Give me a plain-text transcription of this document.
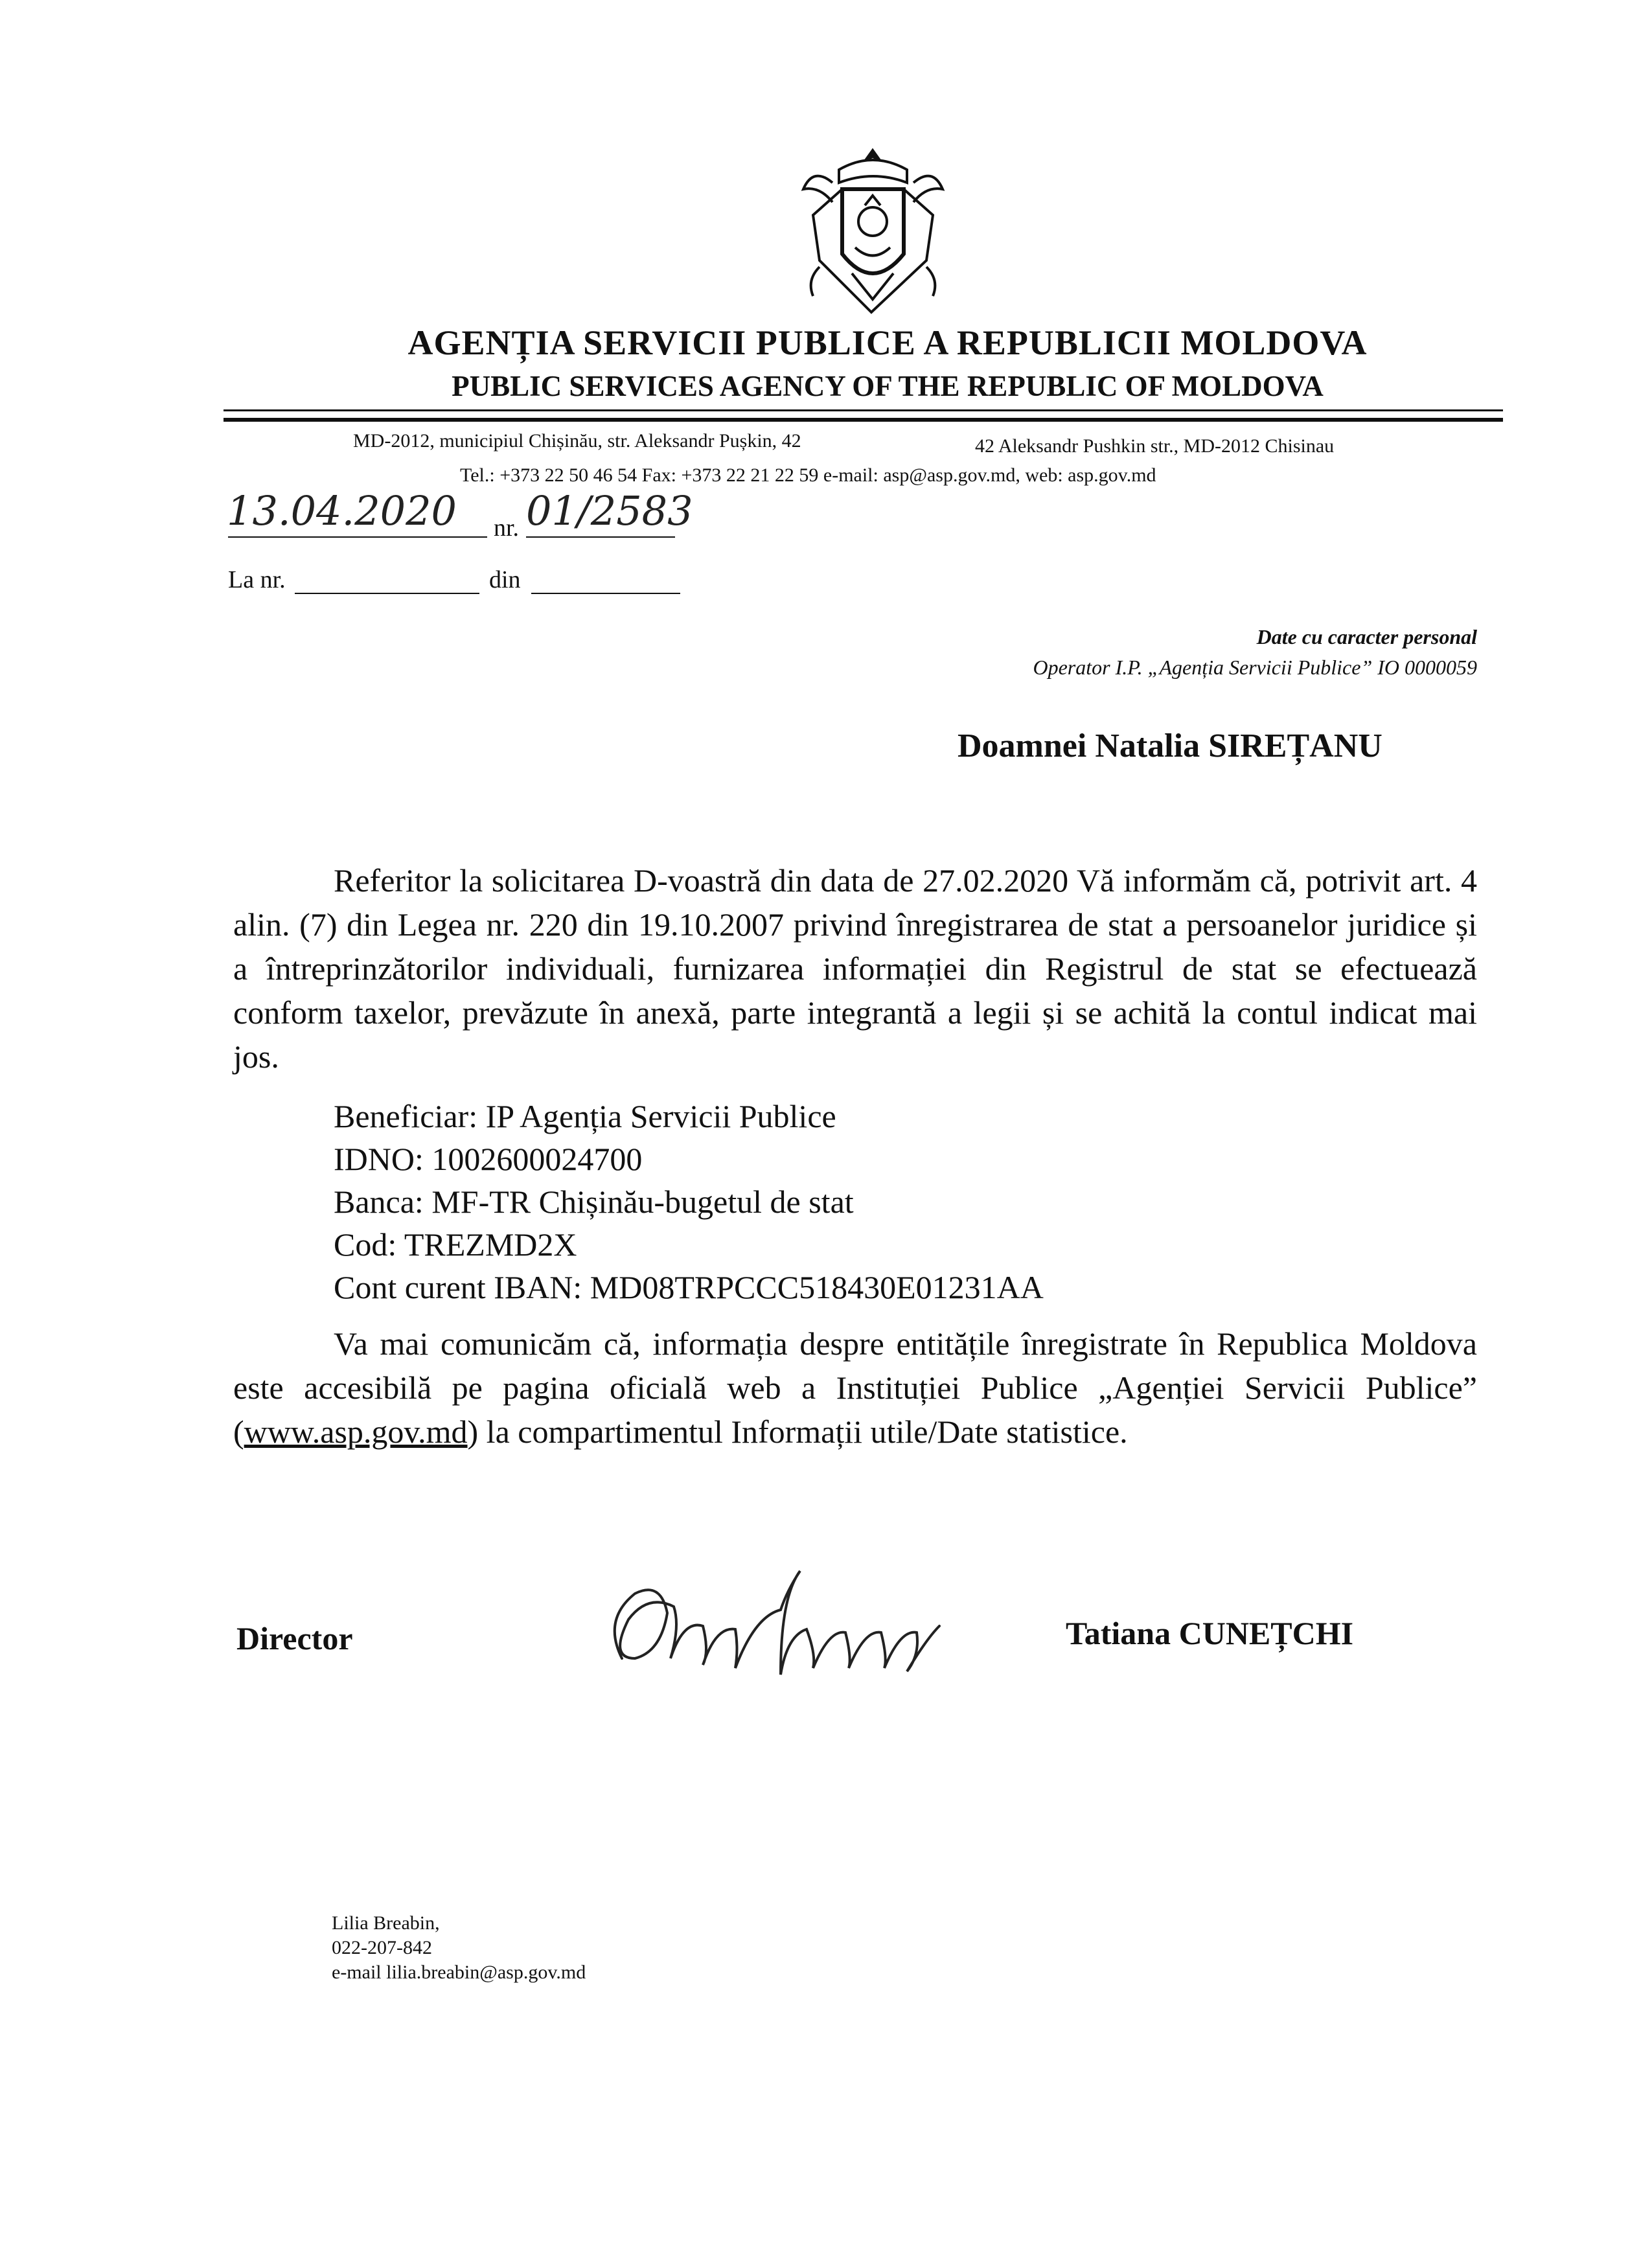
AGENȚIA SERVICII PUBLICE A REPUBLICII MOLDOVA
PUBLIC SERVICES AGENCY OF THE REPUBLIC OF MOLDOVA
MD-2012, municipiul Chișinău, str. Aleksandr Pușkin, 42	42 Aleksandr Pushkin str., MD-2012 Chisinau
Tel.: +373 22 50 46 54 Fax: +373 22 21 22 59 e-mail: asp@asp.gov.md, web: asp.gov.md
13.04.2020 nr. 01/2583
La nr.	din
Date cu caracter personal
Operator I.P. „Agenția Servicii Publice” IO 0000059
Doamnei Natalia SIREȚANU
Referitor la solicitarea D-voastră din data de 27.02.2020 Vă informăm că, potrivit art. 4 alin. (7) din Legea nr. 220 din 19.10.2007 privind înregistrarea de stat a persoanelor juridice și a întreprinzătorilor individuali, furnizarea informației din Registrul de stat se efectuează conform taxelor, prevăzute în anexă, parte integrantă a legii și se achită la contul indicat mai jos.
Beneficiar: IP Agenția Servicii Publice
IDNO: 1002600024700
Banca: MF-TR Chișinău-bugetul de stat
Cod: TREZMD2X
Cont curent IBAN: MD08TRPCCC518430E01231AA
Va mai comunicăm că, informația despre entitățile înregistrate în Republica Moldova este accesibilă pe pagina oficială web a Instituției Publice „Agenției Servicii Publice” (www.asp.gov.md) la compartimentul Informații utile/Date statistice.
Director	Tatiana CUNEȚCHI
Lilia Breabin,
022-207-842
e-mail lilia.breabin@asp.gov.md
